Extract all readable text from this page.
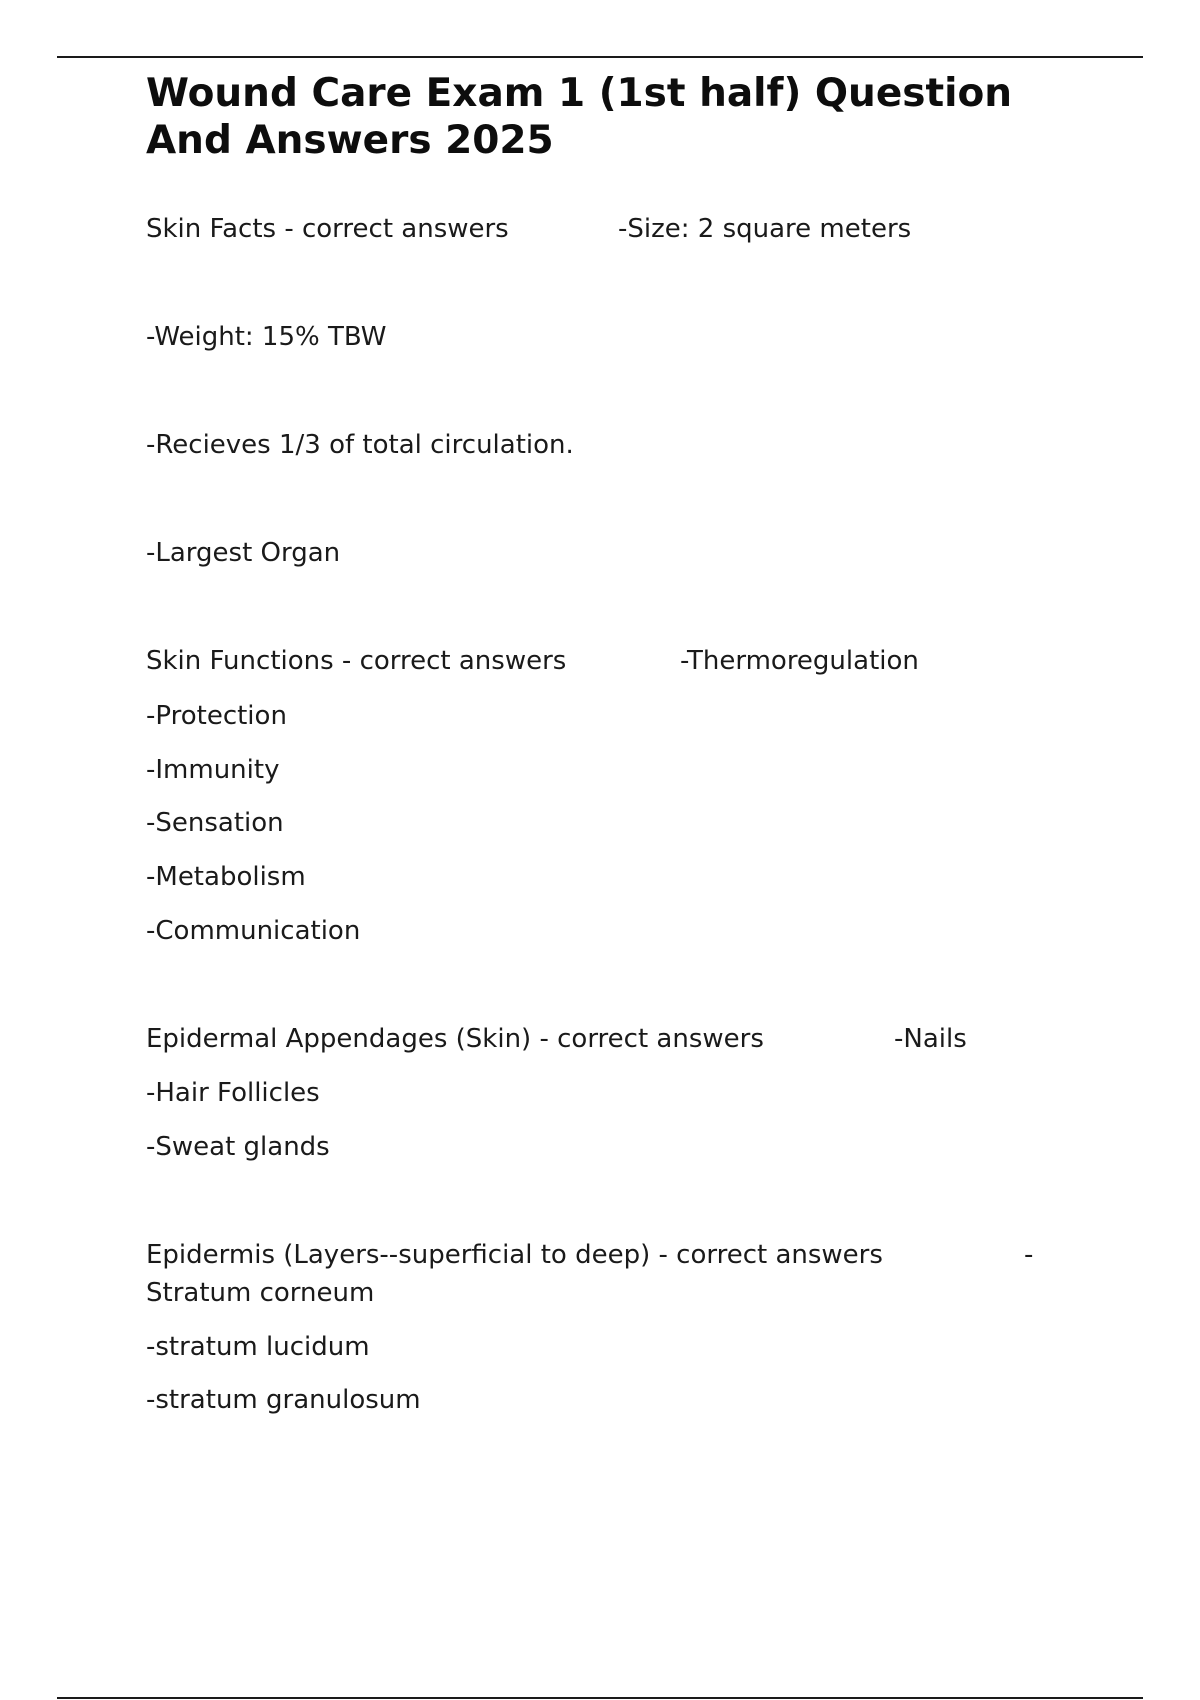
Wound Care Exam 1 (1st half) Question And Answers 2025
Skin Facts - correct answers	-Size: 2 square meters
-Weight: 15% TBW
-Recieves 1/3 of total circulation.
-Largest Organ
Skin Functions - correct answers	-Thermoregulation
-Protection
-Immunity
-Sensation
-Metabolism
-Communication
Epidermal Appendages (Skin) - correct answers	-Nails
-Hair Follicles
-Sweat glands
Epidermis (Layers--superficial to deep) - correct answers	-
Stratum corneum
-stratum lucidum
-stratum granulosum
